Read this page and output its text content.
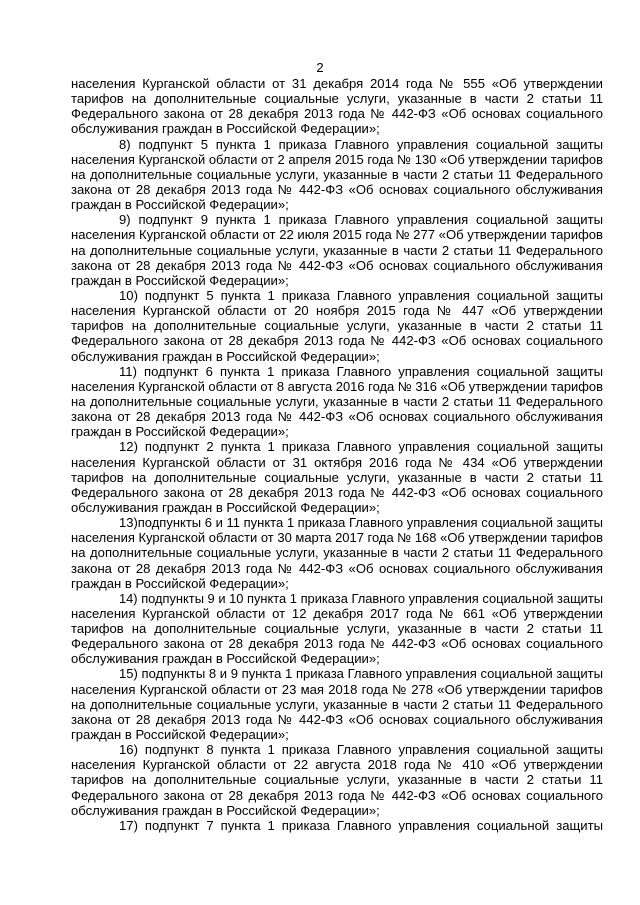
2
населения Курганской области от 31 декабря 2014 года № 555 «Об утверждении
тарифов на дополнительные социальные услуги, указанные в части 2 статьи 11
Федерального закона от 28 декабря 2013 года № 442-ФЗ «Об основах социального
обслуживания граждан в Российской Федерации»;
8) подпункт 5 пункта 1 приказа Главного управления социальной защиты
населения Курганской области от 2 апреля 2015 года № 130 «Об утверждении тарифов
на дополнительные социальные услуги, указанные в части 2 статьи 11 Федерального
закона от 28 декабря 2013 года № 442-ФЗ «Об основах социального обслуживания
граждан в Российской Федерации»;
9) подпункт 9 пункта 1 приказа Главного управления социальной защиты
населения Курганской области от 22 июля 2015 года № 277 «Об утверждении тарифов
на дополнительные социальные услуги, указанные в части 2 статьи 11 Федерального
закона от 28 декабря 2013 года № 442-ФЗ «Об основах социального обслуживания
граждан в Российской Федерации»;
10) подпункт 5 пункта 1 приказа Главного управления социальной защиты
населения Курганской области от 20 ноября 2015 года № 447 «Об утверждении
тарифов на дополнительные социальные услуги, указанные в части 2 статьи 11
Федерального закона от 28 декабря 2013 года № 442-ФЗ «Об основах социального
обслуживания граждан в Российской Федерации»;
11) подпункт 6 пункта 1 приказа Главного управления социальной защиты
населения Курганской области от 8 августа 2016 года № 316 «Об утверждении тарифов
на дополнительные социальные услуги, указанные в части 2 статьи 11 Федерального
закона от 28 декабря 2013 года № 442-ФЗ «Об основах социального обслуживания
граждан в Российской Федерации»;
12) подпункт 2 пункта 1 приказа Главного управления социальной защиты
населения Курганской области от 31 октября 2016 года № 434 «Об утверждении
тарифов на дополнительные социальные услуги, указанные в части 2 статьи 11
Федерального закона от 28 декабря 2013 года № 442-ФЗ «Об основах социального
обслуживания граждан в Российской Федерации»;
13)подпункты 6 и 11 пункта 1 приказа Главного управления социальной защиты
населения Курганской области от 30 марта 2017 года № 168 «Об утверждении тарифов
на дополнительные социальные услуги, указанные в части 2 статьи 11 Федерального
закона от 28 декабря 2013 года № 442-ФЗ «Об основах социального обслуживания
граждан в Российской Федерации»;
14) подпункты 9 и 10 пункта 1 приказа Главного управления социальной защиты
населения Курганской области от 12 декабря 2017 года № 661 «Об утверждении
тарифов на дополнительные социальные услуги, указанные в части 2 статьи 11
Федерального закона от 28 декабря 2013 года № 442-ФЗ «Об основах социального
обслуживания граждан в Российской Федерации»;
15) подпункты 8 и 9 пункта 1 приказа Главного управления социальной защиты
населения Курганской области от 23 мая 2018 года № 278 «Об утверждении тарифов
на дополнительные социальные услуги, указанные в части 2 статьи 11 Федерального
закона от 28 декабря 2013 года № 442-ФЗ «Об основах социального обслуживания
граждан в Российской Федерации»;
16) подпункт 8 пункта 1 приказа Главного управления социальной защиты
населения Курганской области от 22 августа 2018 года № 410 «Об утверждении
тарифов на дополнительные социальные услуги, указанные в части 2 статьи 11
Федерального закона от 28 декабря 2013 года № 442-ФЗ «Об основах социального
обслуживания граждан в Российской Федерации»;
17) подпункт 7 пункта 1 приказа Главного управления социальной защиты
